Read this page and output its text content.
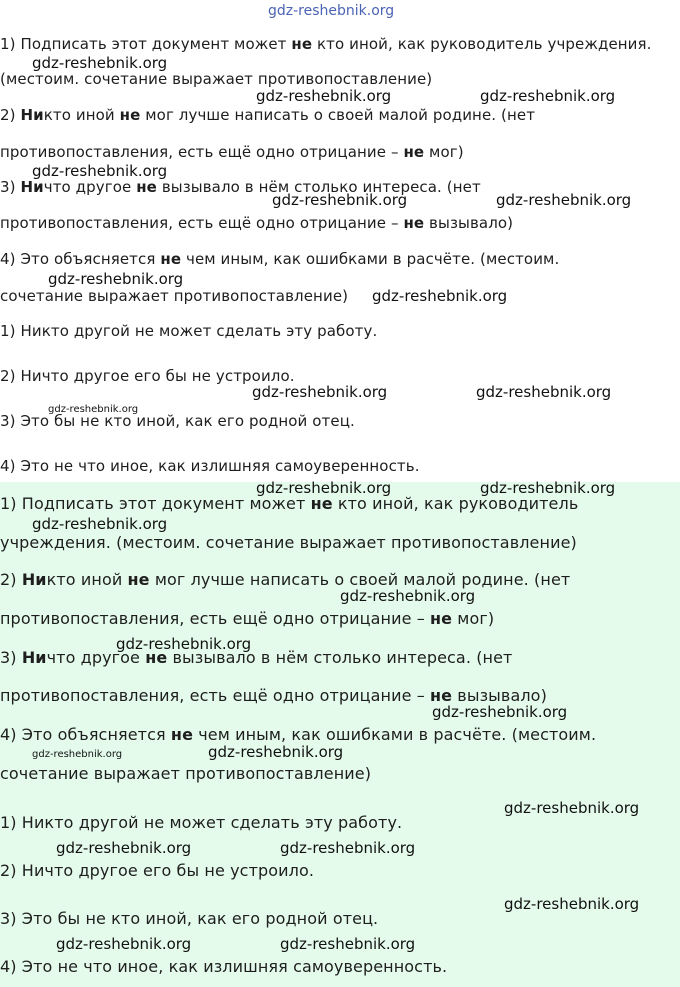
gdz-reshebnik.org
1) Подписать этот документ может не кто иной, как руководитель учреждения.
(местоим. сочетание выражает противопоставление)
2) Никто иной не мог лучше написать о своей малой родине. (нет
противопоставления, есть ещё одно отрицание – не мог)
3) Ничто другое не вызывало в нём столько интереса. (нет
противопоставления, есть ещё одно отрицание – не вызывало)
4) Это объясняется не чем иным, как ошибками в расчёте. (местоим.
сочетание выражает противопоставление)
1) Никто другой не может сделать эту работу.
2) Ничто другое его бы не устроило.
3) Это бы не кто иной, как его родной отец.
4) Это не что иное, как излишняя самоуверенность.
1) Подписать этот документ может не кто иной, как руководитель
учреждения. (местоим. сочетание выражает противопоставление)
2) Никто иной не мог лучше написать о своей малой родине. (нет
противопоставления, есть ещё одно отрицание – не мог)
3) Ничто другое не вызывало в нём столько интереса. (нет
противопоставления, есть ещё одно отрицание – не вызывало)
4) Это объясняется не чем иным, как ошибками в расчёте. (местоим.
сочетание выражает противопоставление)
1) Никто другой не может сделать эту работу.
2) Ничто другое его бы не устроило.
3) Это бы не кто иной, как его родной отец.
4) Это не что иное, как излишняя самоуверенность.
gdz-reshebnik.org
gdz-reshebnik.org	gdz-reshebnik.org
gdz-reshebnik.org
gdz-reshebnik.org	gdz-reshebnik.org
gdz-reshebnik.org
gdz-reshebnik.org
gdz-reshebnik.org	gdz-reshebnik.org
gdz-reshebnik.org
gdz-reshebnik.org	gdz-reshebnik.org
gdz-reshebnik.org
gdz-reshebnik.org
gdz-reshebnik.org
gdz-reshebnik.org
gdz-reshebnik.org
gdz-reshebnik.org
gdz-reshebnik.org
gdz-reshebnik.org	gdz-reshebnik.org
gdz-reshebnik.org
gdz-reshebnik.org	gdz-reshebnik.org
